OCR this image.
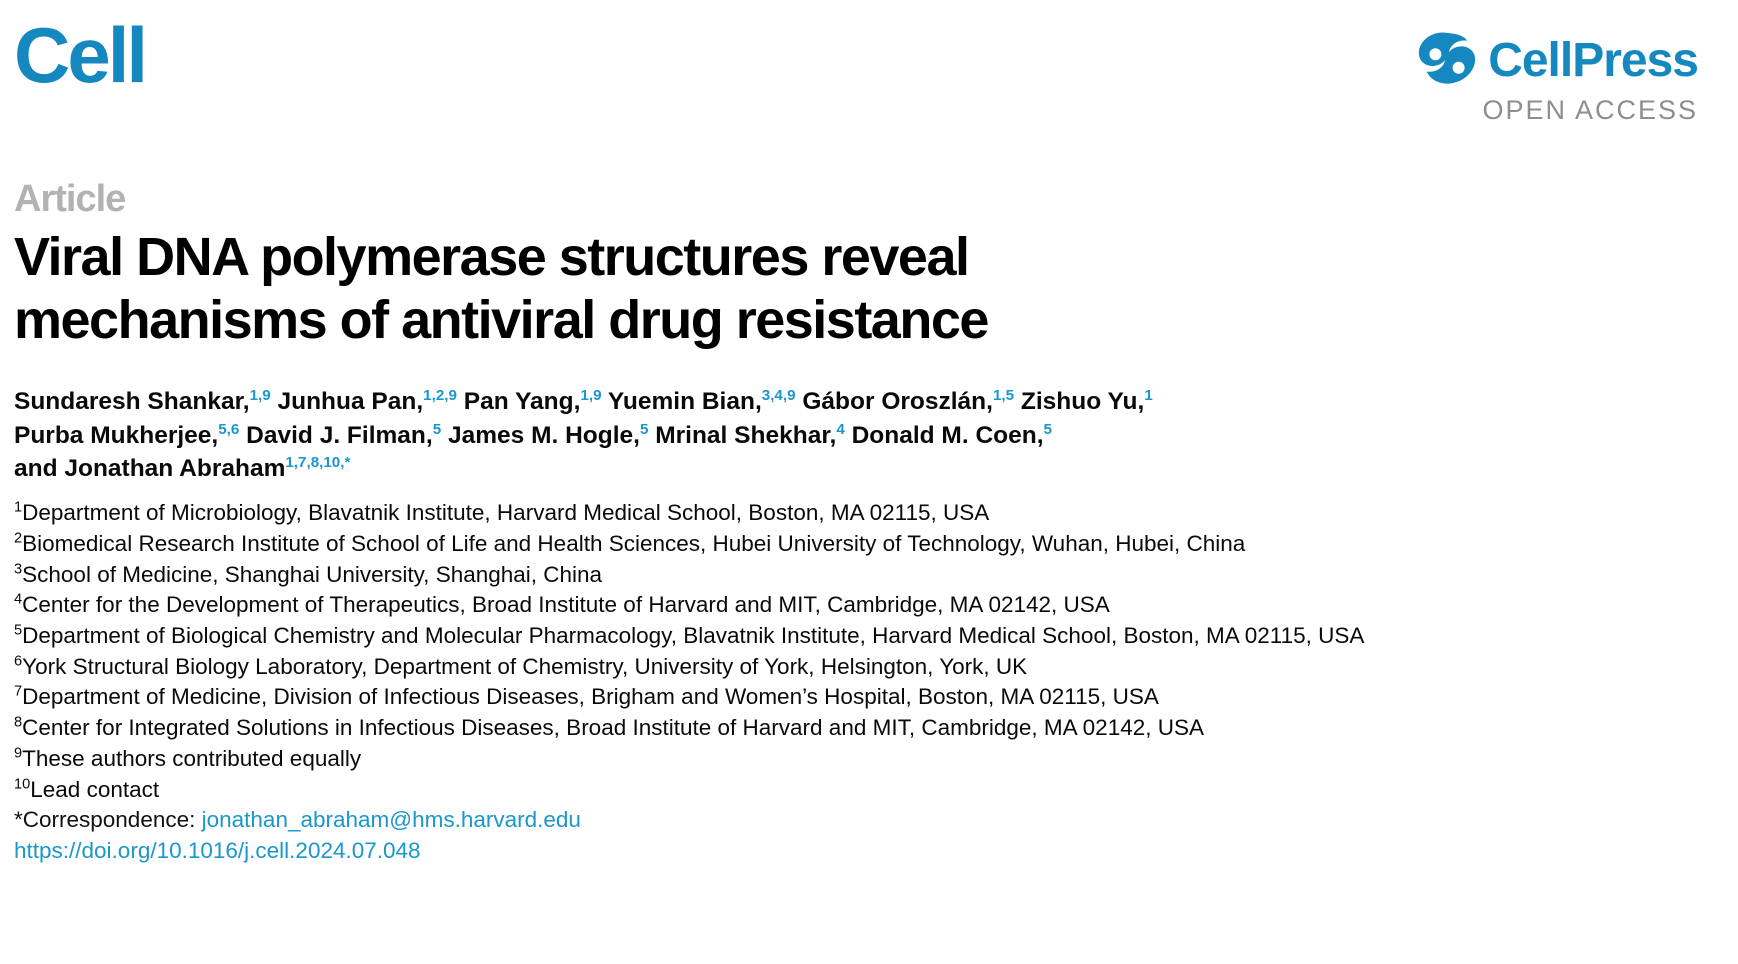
Cell	CellPress
OPEN ACCESS
Article
Viral DNA polymerase structures reveal
mechanisms of antiviral drug resistance
Sundaresh Shankar,$^{1,9}$ Junhua Pan,$^{1,2,9}$ Pan Yang,$^{1,9}$ Yuemin Bian,$^{3,4,9}$ Gábor Oroszlán,$^{1,5}$ Zishuo Yu,$^1$
Purba Mukherjee,$^{5,6}$ David J. Filman,$^5$ James M. Hogle,$^5$ Mrinal Shekhar,$^4$ Donald M. Coen,$^5$
and Jonathan Abraham$^{1,7,8,10,*}$
$^1$Department of Microbiology, Blavatnik Institute, Harvard Medical School, Boston, MA 02115, USA
$^2$Biomedical Research Institute of School of Life and Health Sciences, Hubei University of Technology, Wuhan, Hubei, China
$^3$School of Medicine, Shanghai University, Shanghai, China
$^4$Center for the Development of Therapeutics, Broad Institute of Harvard and MIT, Cambridge, MA 02142, USA
$^5$Department of Biological Chemistry and Molecular Pharmacology, Blavatnik Institute, Harvard Medical School, Boston, MA 02115, USA
$^6$York Structural Biology Laboratory, Department of Chemistry, University of York, Helsington, York, UK
$^7$Department of Medicine, Division of Infectious Diseases, Brigham and Women’s Hospital, Boston, MA 02115, USA
$^8$Center for Integrated Solutions in Infectious Diseases, Broad Institute of Harvard and MIT, Cambridge, MA 02142, USA
$^9$These authors contributed equally
$^{10}$Lead contact
*Correspondence: jonathan_abraham@hms.harvard.edu
https://doi.org/10.1016/j.cell.2024.07.048
